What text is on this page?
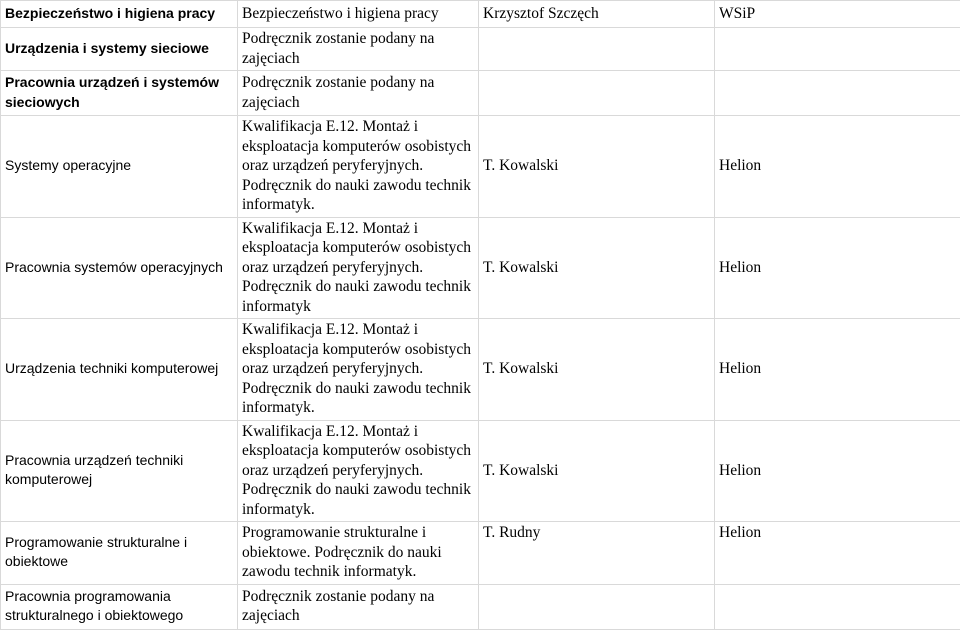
Bezpieczeństwo i higiena pracy	Bezpieczeństwo i higiena pracy	Krzysztof Szczęch	WSiP
Urządzenia i systemy sieciowe	Podręcznik zostanie podany na zajęciach		
Pracownia urządzeń i systemów sieciowych	Podręcznik zostanie podany na zajęciach		
Systemy operacyjne	Kwalifikacja E.12. Montaż i eksploatacja komputerów osobistych oraz urządzeń peryferyjnych. Podręcznik do nauki zawodu technik informatyk.	T. Kowalski	Helion
Pracownia systemów operacyjnych	Kwalifikacja E.12. Montaż i eksploatacja komputerów osobistych oraz urządzeń peryferyjnych. Podręcznik do nauki zawodu technik informatyk	T. Kowalski	Helion
Urządzenia techniki komputerowej	Kwalifikacja E.12. Montaż i eksploatacja komputerów osobistych oraz urządzeń peryferyjnych. Podręcznik do nauki zawodu technik informatyk.	T. Kowalski	Helion
Pracownia urządzeń techniki komputerowej	Kwalifikacja E.12. Montaż i eksploatacja komputerów osobistych oraz urządzeń peryferyjnych. Podręcznik do nauki zawodu technik informatyk.	T. Kowalski	Helion
Programowanie strukturalne i obiektowe	Programowanie strukturalne i obiektowe. Podręcznik do nauki zawodu technik informatyk.	T. Rudny	Helion
Pracownia programowania strukturalnego i obiektowego	Podręcznik zostanie podany na zajęciach		
